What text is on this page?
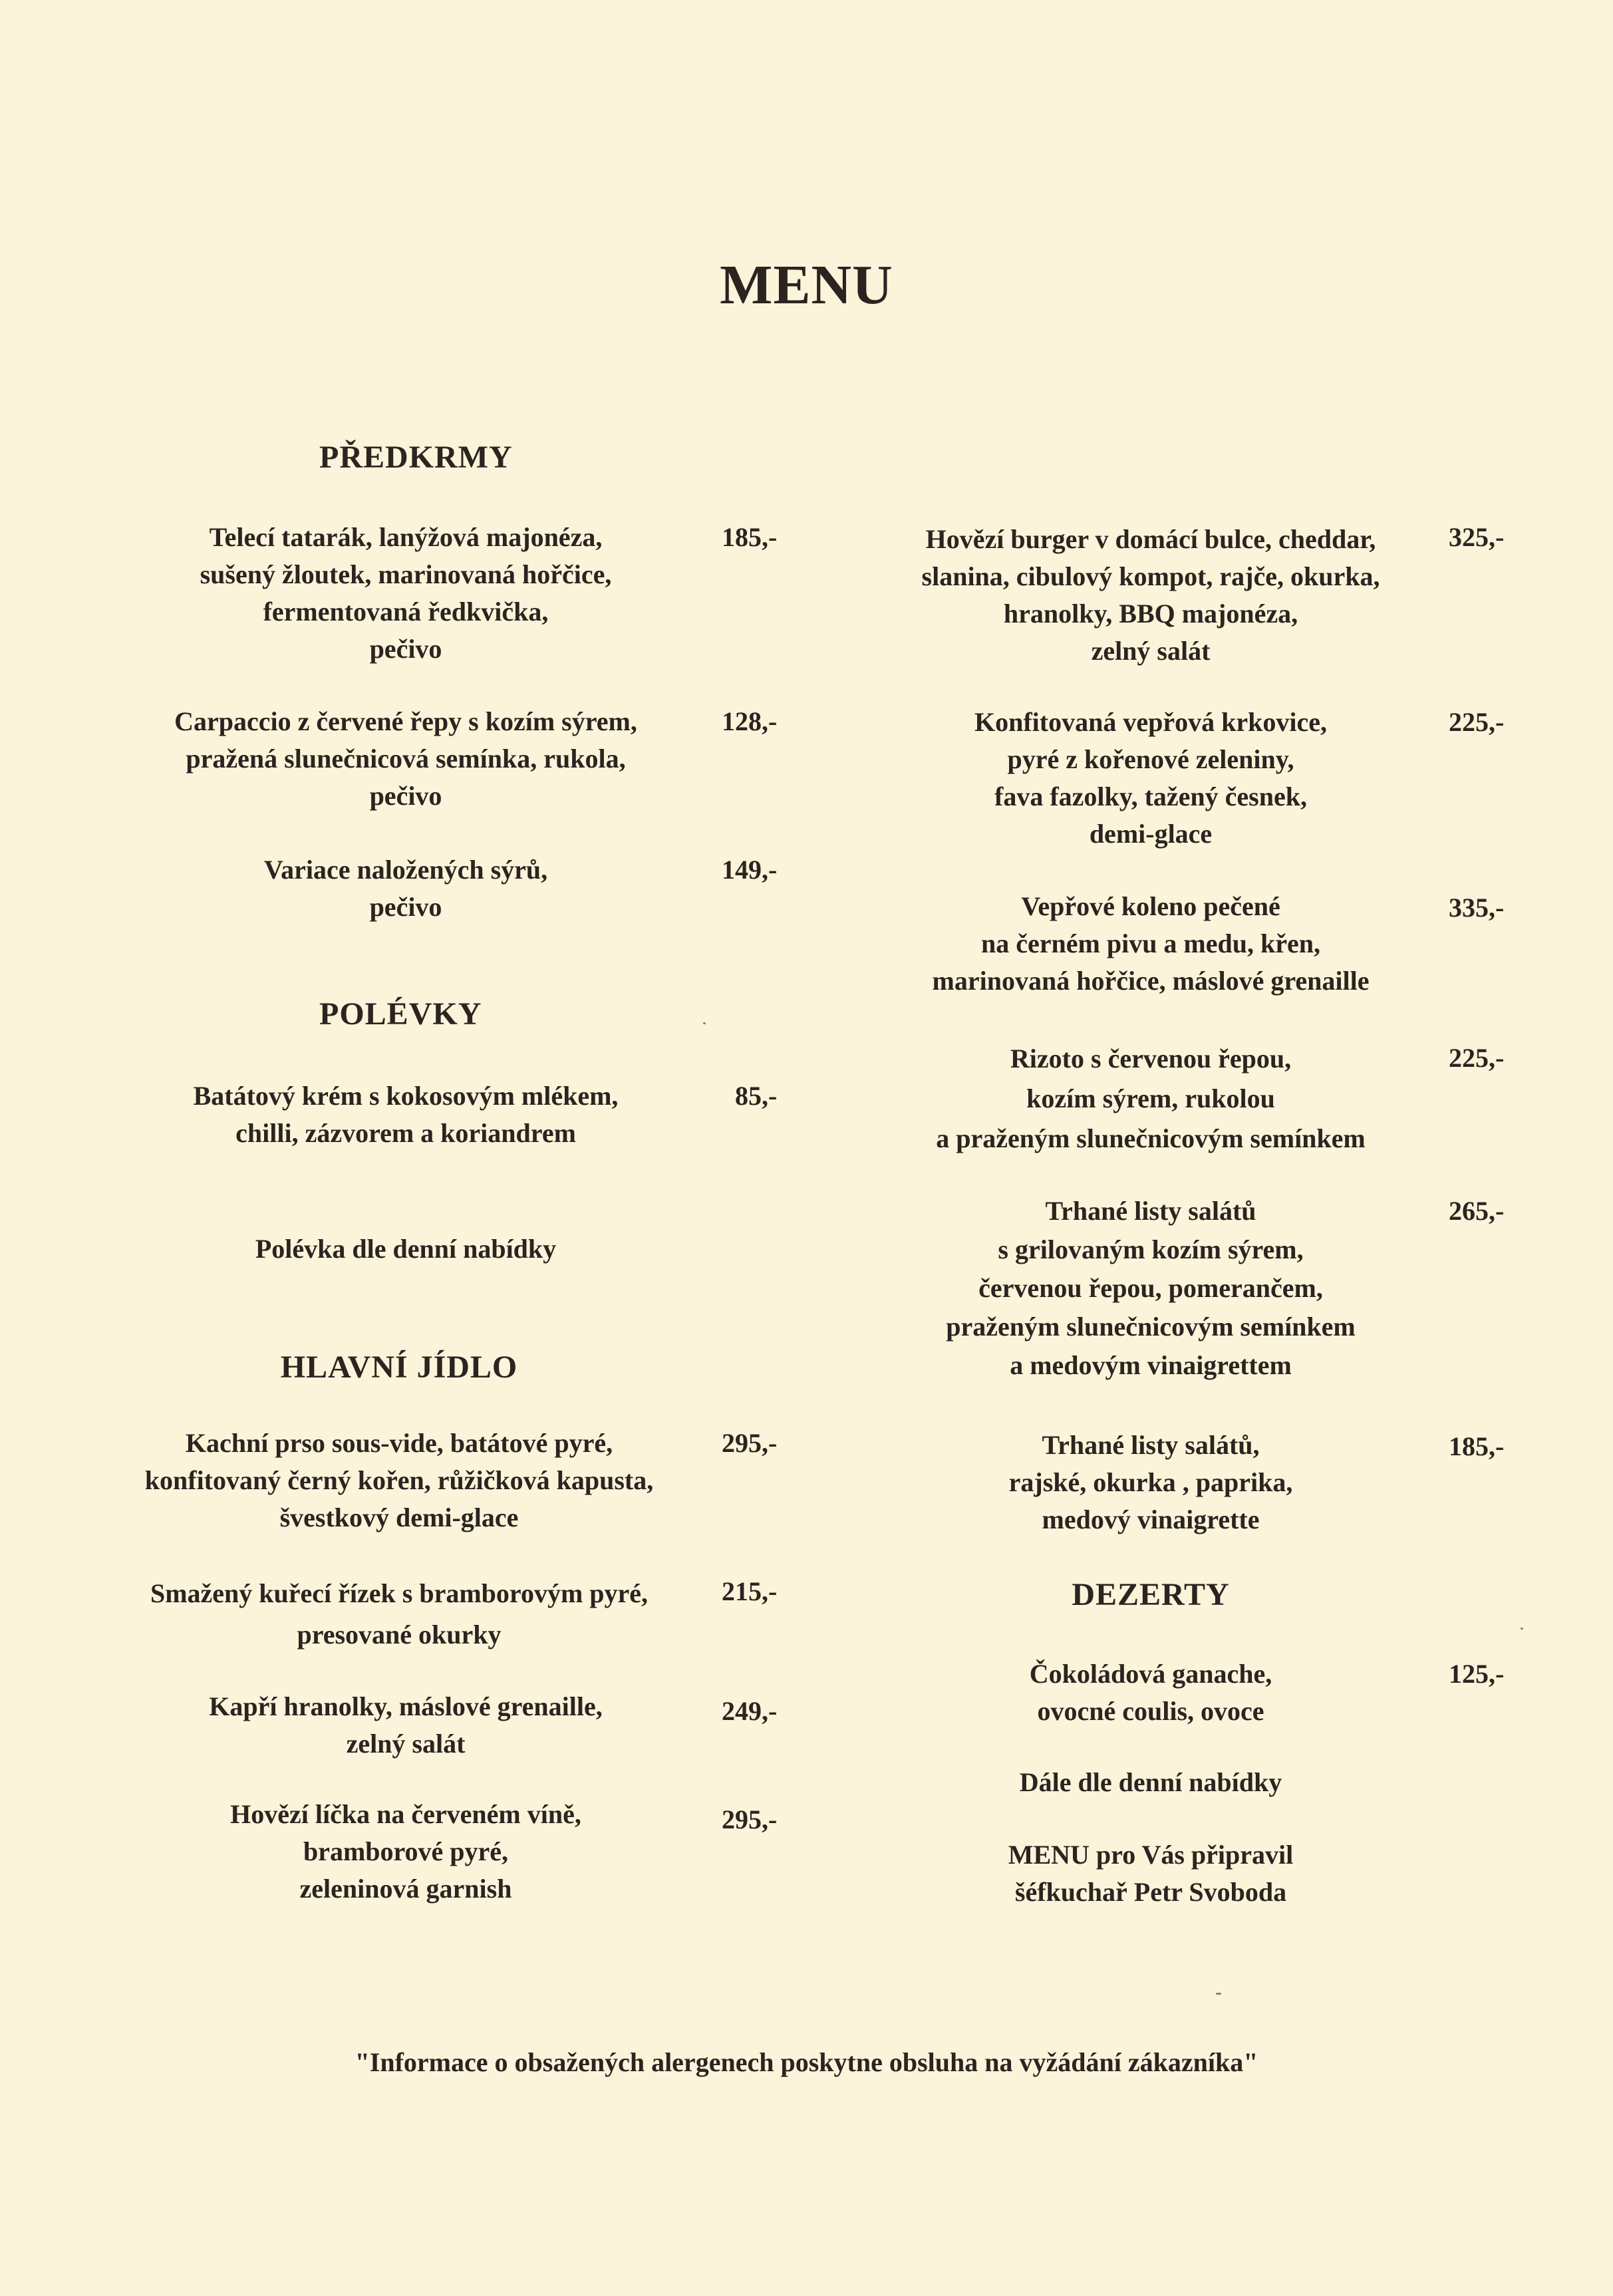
MENU
PŘEDKRMY
Telecí tatarák, lanýžová majonéza,
sušený žloutek, marinovaná hořčice,
fermentovaná ředkvička,
pečivo
185,-
Carpaccio z červené řepy s kozím sýrem,
pražená slunečnicová semínka, rukola,
pečivo
128,-
Variace naložených sýrů,
pečivo
149,-
POLÉVKY
Batátový krém s kokosovým mlékem,
chilli, zázvorem a koriandrem
85,-
Polévka dle denní nabídky
HLAVNÍ JÍDLO
Kachní prso sous-vide, batátové pyré,
konfitovaný černý kořen, růžičková kapusta,
švestkový demi-glace
295,-
Smažený kuřecí řízek s bramborovým pyré,
presované okurky
215,-
Kapří hranolky, máslové grenaille,
zelný salát
249,-
Hovězí líčka na červeném víně,
bramborové pyré,
zeleninová garnish
295,-
Hovězí burger v domácí bulce, cheddar,
slanina, cibulový kompot, rajče, okurka,
hranolky, BBQ majonéza,
zelný salát
325,-
Konfitovaná vepřová krkovice,
pyré z kořenové zeleniny,
fava fazolky, tažený česnek,
demi-glace
225,-
Vepřové koleno pečené
na černém pivu a medu, křen,
marinovaná hořčice, máslové grenaille
335,-
Rizoto s červenou řepou,
kozím sýrem, rukolou
a praženým slunečnicovým semínkem
225,-
Trhané listy salátů
s grilovaným kozím sýrem,
červenou řepou, pomerančem,
praženým slunečnicovým semínkem
a medovým vinaigrettem
265,-
Trhané listy salátů,
rajské, okurka , paprika,
medový vinaigrette
185,-
DEZERTY
Čokoládová ganache,
ovocné coulis, ovoce
125,-
Dále dle denní nabídky
MENU pro Vás připravil
šéfkuchař Petr Svoboda
"Informace o obsažených alergenech poskytne obsluha na vyžádání zákazníka"
